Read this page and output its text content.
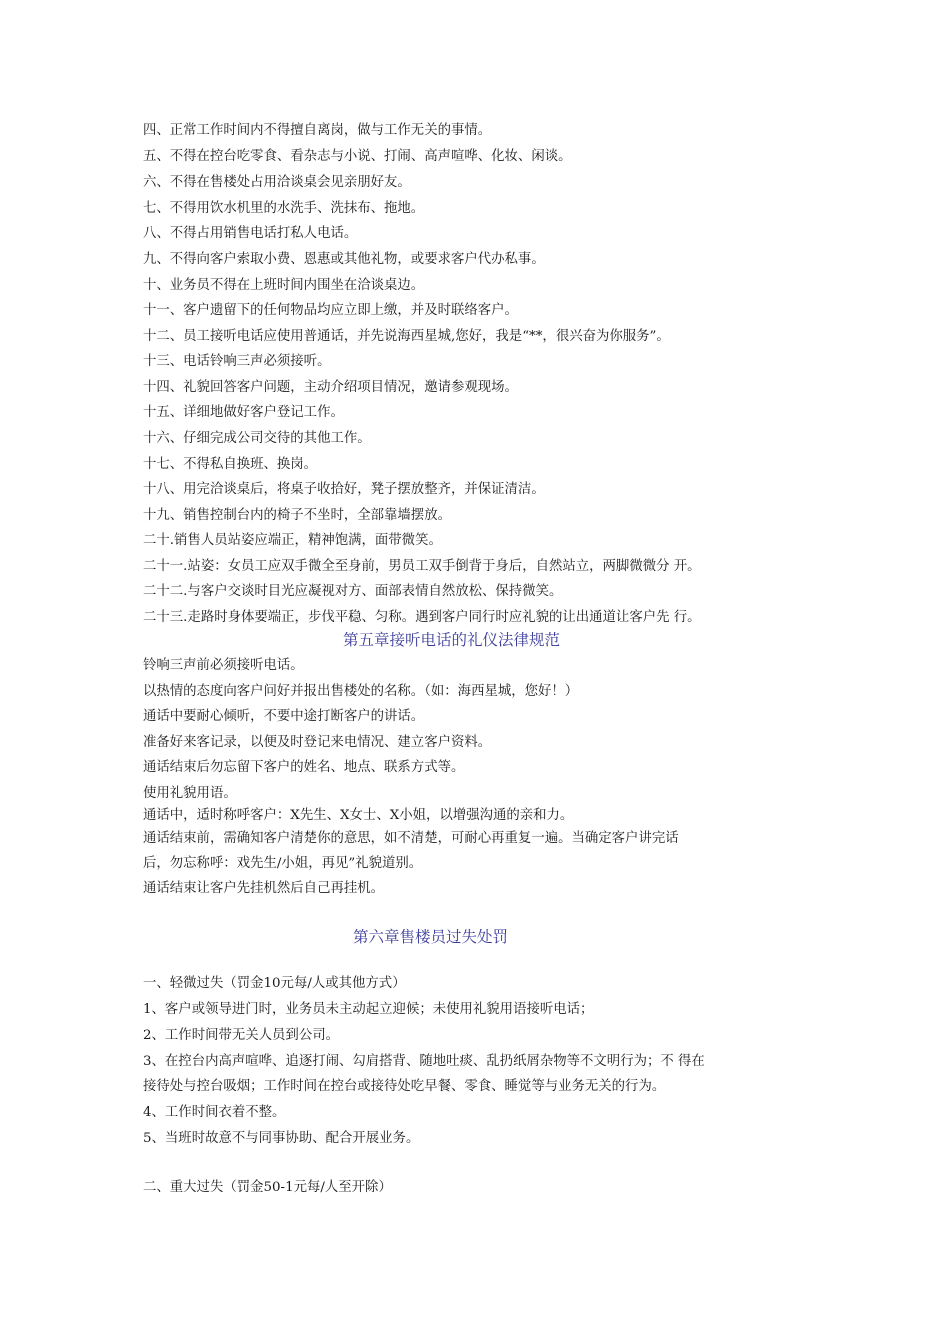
四、正常工作时间内不得擅自离岗，做与工作无关的事情。
五、不得在控台吃零食、看杂志与小说、打闹、高声喧哗、化妆、闲谈。
六、不得在售楼处占用洽谈桌会见亲朋好友。
七、不得用饮水机里的水洗手、洗抹布、拖地。
八、不得占用销售电话打私人电话。
九、不得向客户索取小费、恩惠或其他礼物，或要求客户代办私事。
十、业务员不得在上班时间内围坐在洽谈桌边。
十一、客户遗留下的任何物品均应立即上缴，并及时联络客户。
十二、员工接听电话应使用普通话，并先说海西星城,您好，我是“**，很兴奋为你服务”。
十三、电话铃响三声必须接听。
十四、礼貌回答客户问题，主动介绍项目情况，邀请参观现场。
十五、详细地做好客户登记工作。
十六、仔细完成公司交待的其他工作。
十七、不得私自换班、换岗。
十八、用完洽谈桌后，将桌子收拾好，凳子摆放整齐，并保证清洁。
十九、销售控制台内的椅子不坐时，全部靠墙摆放。
二十.销售人员站姿应端正，精神饱满，面带微笑。
二十一.站姿：女员工应双手微全至身前，男员工双手倒背于身后，自然站立，两脚微微分 开。
二十二.与客户交谈时目光应凝视对方、面部表情自然放松、保持微笑。
二十三.走路时身体要端正，步伐平稳、匀称。遇到客户同行时应礼貌的让出通道让客户先 行。
第五章接听电话的礼仪法律规范
铃响三声前必须接听电话。
以热情的态度向客户问好并报出售楼处的名称。（如：海西星城，您好！）
通话中要耐心倾听，不要中途打断客户的讲话。
准备好来客记录，以便及时登记来电情况、建立客户资料。
通话结束后勿忘留下客户的姓名、地点、联系方式等。
使用礼貌用语。
通话中，适时称呼客户：X先生、X女士、X小姐，以增强沟通的亲和力。
通话结束前，需确知客户清楚你的意思，如不清楚，可耐心再重复一遍。当确定客户讲完话
后，勿忘称呼：戏先生/小姐，再见”礼貌道别。
通话结束让客户先挂机然后自己再挂机。
第六章售楼员过失处罚
一、轻微过失（罚金10元每/人或其他方式）
1、客户或领导进门时，业务员未主动起立迎候；未使用礼貌用语接听电话；
2、工作时间带无关人员到公司。
3、在控台内高声喧哗、追逐打闹、勾肩搭背、随地吐痰、乱扔纸屑杂物等不文明行为；不 得在
接待处与控台吸烟；工作时间在控台或接待处吃早餐、零食、睡觉等与业务无关的行为。
4、工作时间衣着不整。
5、当班时故意不与同事协助、配合开展业务。
二、重大过失（罚金50-1元每/人至开除）
